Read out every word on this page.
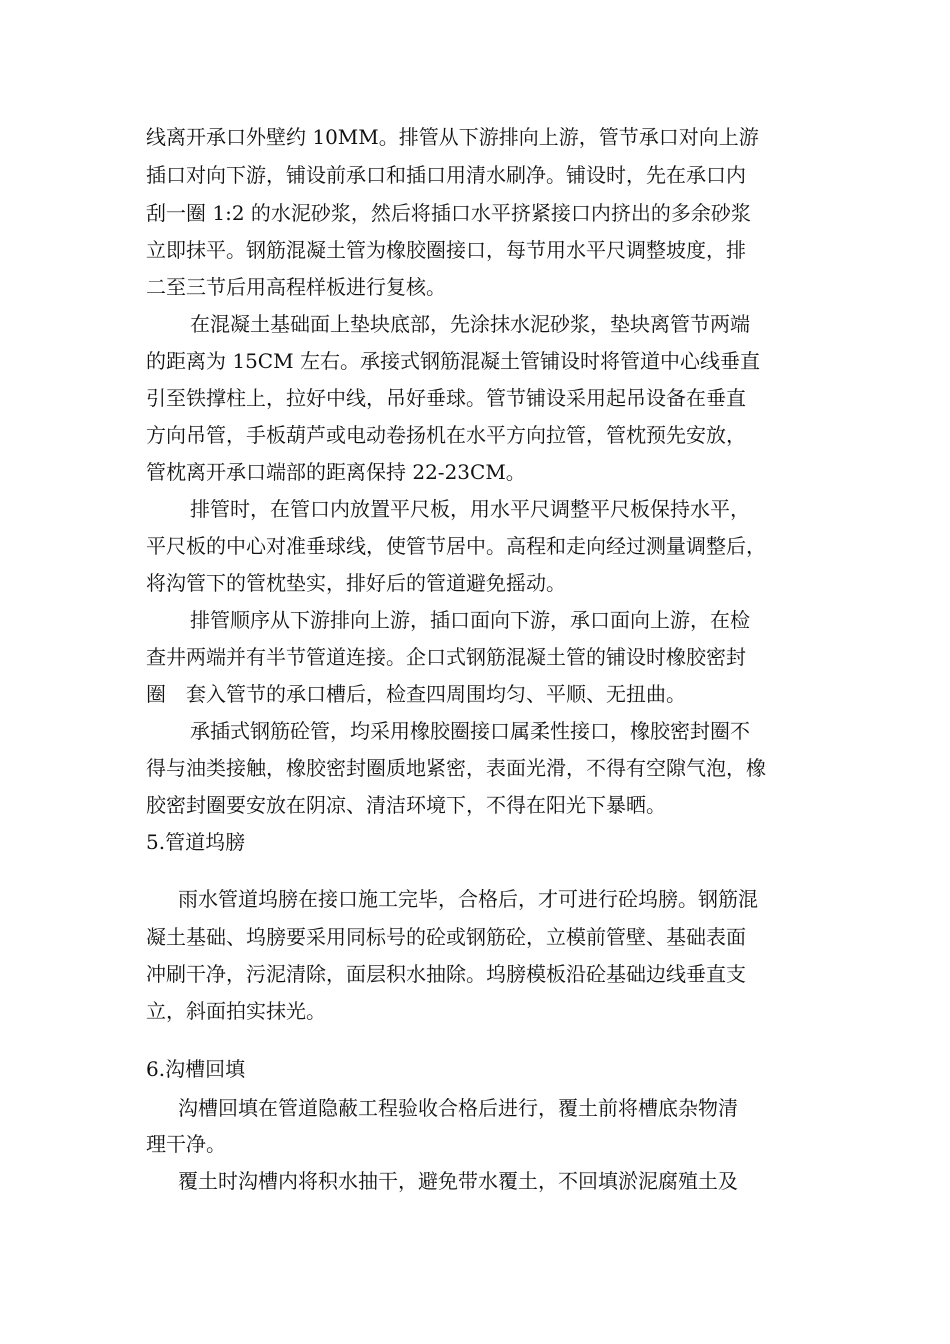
线离开承口外壁约 10MM。排管从下游排向上游，管节承口对向上游
插口对向下游，铺设前承口和插口用清水刷净。铺设时，先在承口内
刮一圈 1:2 的水泥砂浆，然后将插口水平挤紧接口内挤出的多余砂浆
立即抹平。钢筋混凝土管为橡胶圈接口，每节用水平尺调整坡度，排
二至三节后用高程样板进行复核。
在混凝土基础面上垫块底部，先涂抹水泥砂浆，垫块离管节两端
的距离为 15CM 左右。承接式钢筋混凝土管铺设时将管道中心线垂直
引至铁撑柱上，拉好中线，吊好垂球。管节铺设采用起吊设备在垂直
方向吊管，手板葫芦或电动卷扬机在水平方向拉管，管枕预先安放，
管枕离开承口端部的距离保持 22-23CM。
排管时，在管口内放置平尺板，用水平尺调整平尺板保持水平，
平尺板的中心对准垂球线，使管节居中。高程和走向经过测量调整后，
将沟管下的管枕垫实，排好后的管道避免摇动。
排管顺序从下游排向上游，插口面向下游，承口面向上游，在检
查井两端并有半节管道连接。企口式钢筋混凝土管的铺设时橡胶密封
圈　套入管节的承口槽后，检查四周围均匀、平顺、无扭曲。
承插式钢筋砼管，均采用橡胶圈接口属柔性接口，橡胶密封圈不
得与油类接触，橡胶密封圈质地紧密，表面光滑，不得有空隙气泡，橡
胶密封圈要安放在阴凉、清洁环境下，不得在阳光下暴晒。
5.管道坞膀
雨水管道坞膀在接口施工完毕，合格后，才可进行砼坞膀。钢筋混
凝土基础、坞膀要采用同标号的砼或钢筋砼，立模前管壁、基础表面
冲刷干净，污泥清除，面层积水抽除。坞膀模板沿砼基础边线垂直支
立，斜面拍实抹光。
6.沟槽回填
沟槽回填在管道隐蔽工程验收合格后进行，覆土前将槽底杂物清
理干净。
覆土时沟槽内将积水抽干，避免带水覆土，不回填淤泥腐殖土及
